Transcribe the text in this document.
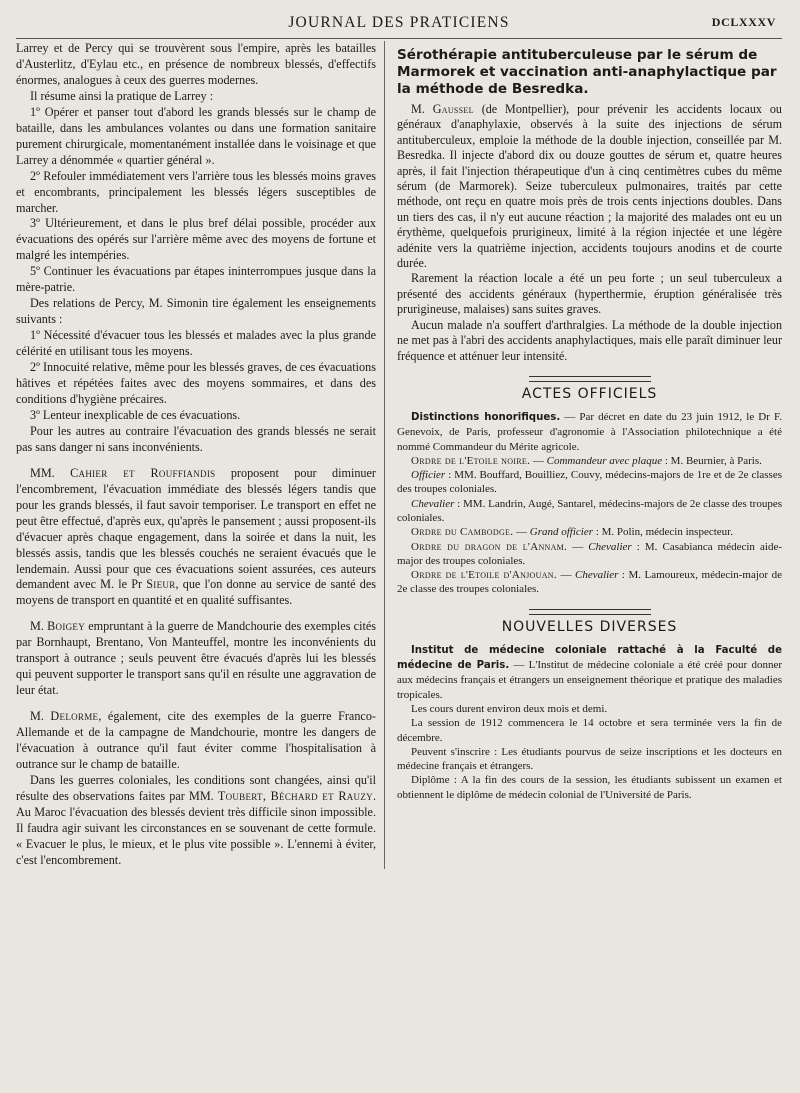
JOURNAL DES PRATICIENS	DCLXXXV

Larrey et de Percy qui se trouvèrent sous l'empire, après les batailles d'Austerlitz, d'Eylau etc., en présence de nombreux blessés, d'effectifs énormes, analogues à ceux des guerres modernes.

Il résume ainsi la pratique de Larrey :

1º Opérer et panser tout d'abord les grands blessés sur le champ de bataille, dans les ambulances volantes ou dans une formation sanitaire purement chirurgicale, momentanément installée dans le voisinage et que Larrey a dénommée « quartier général ».

2º Refouler immédiatement vers l'arrière tous les blessés moins graves et encombrants, principalement les blessés légers susceptibles de marcher.

3º Ultérieurement, et dans le plus bref délai possible, procéder aux évacuations des opérés sur l'arrière même avec des moyens de fortune et malgré les intempéries.

5º Continuer les évacuations par étapes ininterrompues jusque dans la mère-patrie.

Des relations de Percy, M. Simonin tire également les enseignements suivants :

1º Nécessité d'évacuer tous les blessés et malades avec la plus grande célérité en utilisant tous les moyens.

2º Innocuité relative, même pour les blessés graves, de ces évacuations hâtives et répétées faites avec des moyens sommaires, et dans des conditions d'hygiène précaires.

3º Lenteur inexplicable de ces évacuations.

Pour les autres au contraire l'évacuation des grands blessés ne serait pas sans danger ni sans inconvénients.

MM. Cahier et Rouffiandis proposent pour diminuer l'encombrement, l'évacuation immédiate des blessés légers tandis que pour les grands blessés, il faut savoir temporiser. Le transport en effet ne peut être effectué, d'après eux, qu'après le pansement ; aussi proposent-ils d'évacuer après chaque engagement, dans la soirée et dans la nuit, les blessés assis, tandis que les blessés couchés ne seraient évacués que le lendemain. Aussi pour que ces évacuations soient assurées, ces auteurs demandent avec M. le Pr Sieur, que l'on donne au service de santé des moyens de transport en quantité et en qualité suffisantes.

M. Boigey empruntant à la guerre de Mandchourie des exemples cités par Bornhaupt, Brentano, Von Manteuffel, montre les inconvénients du transport à outrance ; seuls peuvent être évacués d'après lui les blessés qui peuvent supporter le transport sans qu'il en résulte une aggravation de leur état.

M. Delorme, également, cite des exemples de la guerre Franco-Allemande et de la campagne de Mandchourie, montre les dangers de l'évacuation à outrance qu'il faut éviter comme l'hospitalisation à outrance sur le champ de bataille.

Dans les guerres coloniales, les conditions sont changées, ainsi qu'il résulte des observations faites par MM. Toubert, Béchard et Rauzy. Au Maroc l'évacuation des blessés devient très difficile sinon impossible. Il faudra agir suivant les circonstances en se souvenant de cette formule. « Evacuer le plus, le mieux, et le plus vite possible ». L'ennemi à éviter, c'est l'encombrement.

Sérothérapie antituberculeuse par le sérum de Marmorek et vaccination anti-anaphylactique par la méthode de Besredka.

M. Gaussel (de Montpellier), pour prévenir les accidents locaux ou généraux d'anaphylaxie, observés à la suite des injections de sérum antituberculeux, emploie la méthode de la double injection, conseillée par M. Besredka. Il injecte d'abord dix ou douze gouttes de sérum et, quatre heures après, il fait l'injection thérapeutique d'un à cinq centimètres cubes du même sérum (de Marmorek). Seize tuberculeux pulmonaires, traités par cette méthode, ont reçu en quatre mois près de trois cents injections doubles. Dans un tiers des cas, il n'y eut aucune réaction ; la majorité des malades ont eu un érythème, quelquefois prurigineux, limité à la région injectée et une légère adénite vers la quatrième injection, accidents toujours anodins et de courte durée.

Rarement la réaction locale a été un peu forte ; un seul tuberculeux a présenté des accidents généraux (hyperthermie, éruption généralisée très prurigineuse, malaises) sans suites graves.

Aucun malade n'a souffert d'arthralgies. La méthode de la double injection ne met pas à l'abri des accidents anaphylactiques, mais elle paraît diminuer leur fréquence et atténuer leur intensité.

ACTES OFFICIELS

Distinctions honorifiques. — Par décret en date du 23 juin 1912, le Dr F. Genevoix, de Paris, professeur d'agronomie à l'Association philotechnique a été nommé Commandeur du Mérite agricole.

Ordre de l'Etoile noire. — Commandeur avec plaque : M. Beurnier, à Paris.

Officier : MM. Bouffard, Bouilliez, Couvy, médecins-majors de 1re et de 2e classes des troupes coloniales.

Chevalier : MM. Landrin, Augé, Santarel, médecins-majors de 2e classe des troupes coloniales.

Ordre du Cambodge. — Grand officier : M. Polin, médecin inspecteur.

Ordre du dragon de l'Annam. — Chevalier : M. Casabianca médecin aide-major des troupes coloniales.

Ordre de l'Etoile d'Anjouan. — Chevalier : M. Lamoureux, médecin-major de 2e classe des troupes coloniales.

NOUVELLES DIVERSES

Institut de médecine coloniale rattaché à la Faculté de médecine de Paris. — L'Institut de médecine coloniale a été créé pour donner aux médecins français et étrangers un enseignement théorique et pratique des maladies tropicales.

Les cours durent environ deux mois et demi.

La session de 1912 commencera le 14 octobre et sera terminée vers la fin de décembre.

Peuvent s'inscrire : Les étudiants pourvus de seize inscriptions et les docteurs en médecine français et étrangers.

Diplôme : A la fin des cours de la session, les étudiants subissent un examen et obtiennent le diplôme de médecin colonial de l'Université de Paris.
